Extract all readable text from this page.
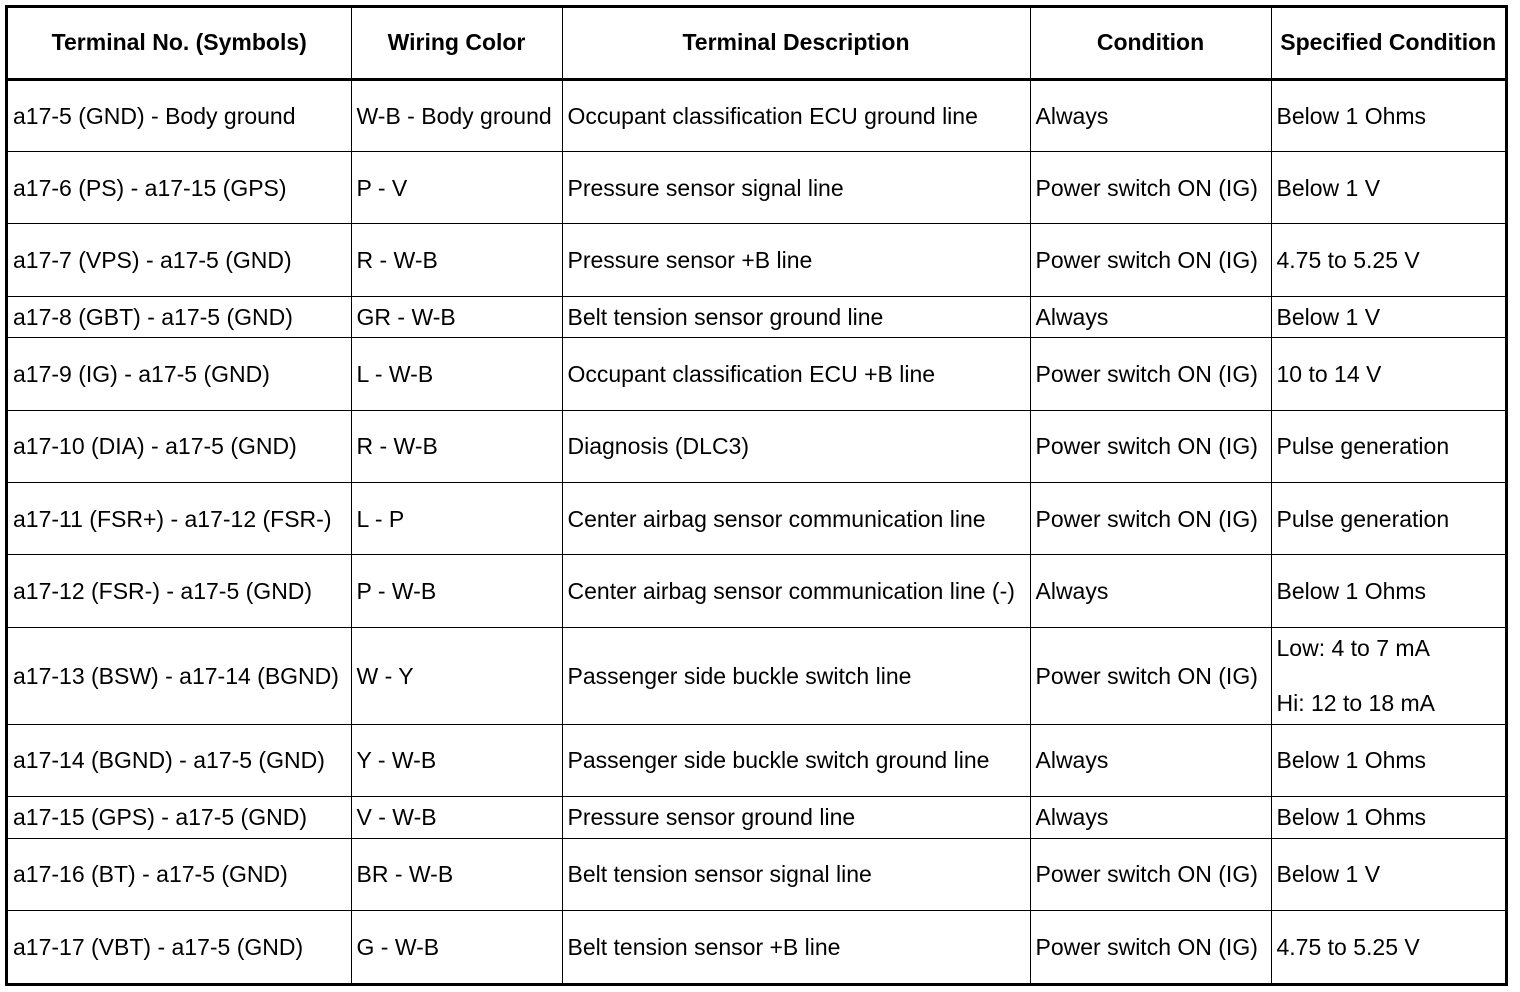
Terminal No. (Symbols)	Wiring Color	Terminal Description	Condition	Specified Condition
a17-5 (GND) - Body ground	W-B - Body ground	Occupant classification ECU ground line	Always	Below 1 Ohms
a17-6 (PS) - a17-15 (GPS)	P - V	Pressure sensor signal line	Power switch ON (IG)	Below 1 V
a17-7 (VPS) - a17-5 (GND)	R - W-B	Pressure sensor +B line	Power switch ON (IG)	4.75 to 5.25 V
a17-8 (GBT) - a17-5 (GND)	GR - W-B	Belt tension sensor ground line	Always	Below 1 V
a17-9 (IG) - a17-5 (GND)	L - W-B	Occupant classification ECU +B line	Power switch ON (IG)	10 to 14 V
a17-10 (DIA) - a17-5 (GND)	R - W-B	Diagnosis (DLC3)	Power switch ON (IG)	Pulse generation
a17-11 (FSR+) - a17-12 (FSR-)	L - P	Center airbag sensor communication line	Power switch ON (IG)	Pulse generation
a17-12 (FSR-) - a17-5 (GND)	P - W-B	Center airbag sensor communication line (-)	Always	Below 1 Ohms
a17-13 (BSW) - a17-14 (BGND)	W - Y	Passenger side buckle switch line	Power switch ON (IG)	Low: 4 to 7 mA
Hi: 12 to 18 mA

a17-14 (BGND) - a17-5 (GND)	Y - W-B	Passenger side buckle switch ground line	Always	Below 1 Ohms
a17-15 (GPS) - a17-5 (GND)	V - W-B	Pressure sensor ground line	Always	Below 1 Ohms
a17-16 (BT) - a17-5 (GND)	BR - W-B	Belt tension sensor signal line	Power switch ON (IG)	Below 1 V
a17-17 (VBT) - a17-5 (GND)	G - W-B	Belt tension sensor +B line	Power switch ON (IG)	4.75 to 5.25 V
